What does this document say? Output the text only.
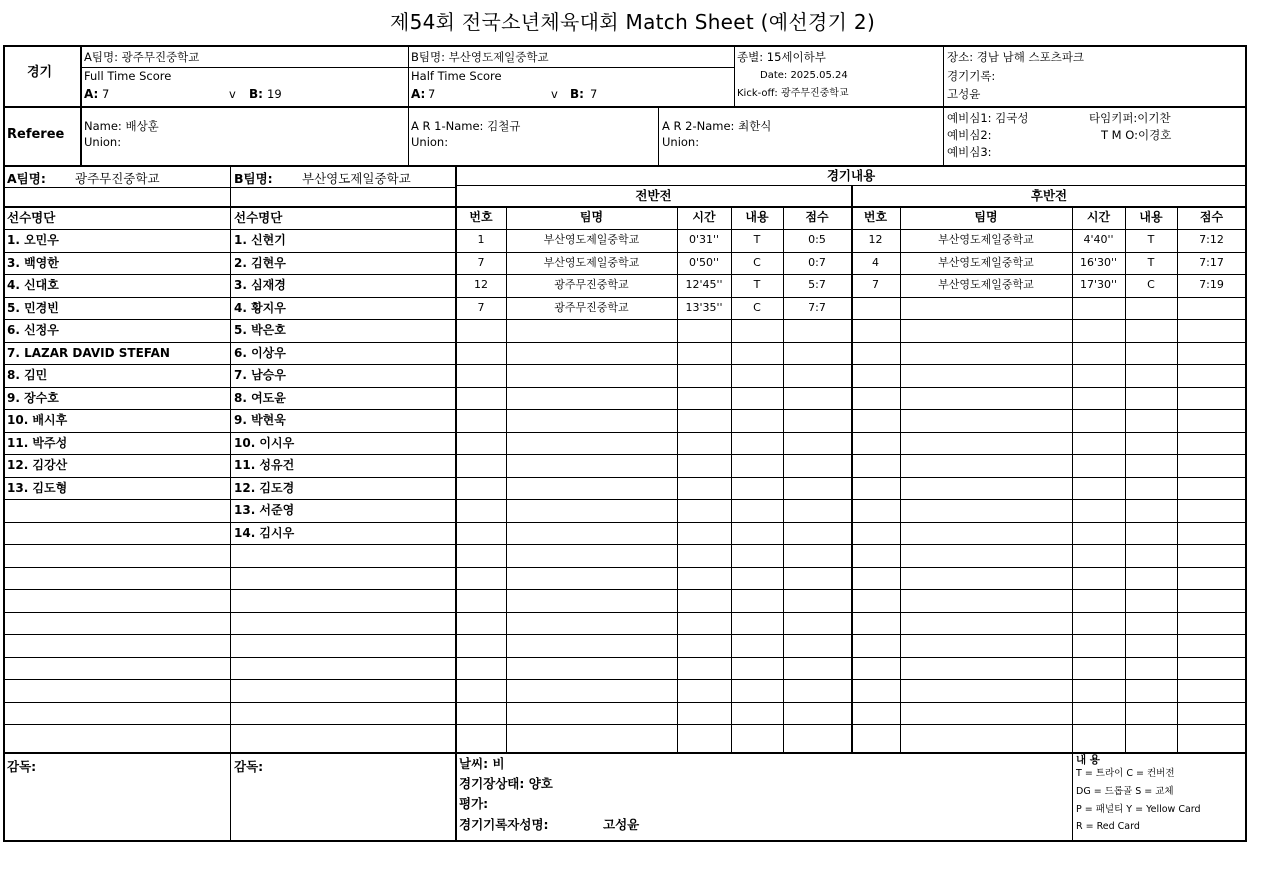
제54회 전국소년체육대회 Match Sheet (예선경기 2)
경기
A팀명: 광주무진중학교	B팀명: 부산영도제일중학교	종별: 15세이하부	장소: 경남 남해 스포츠파크
Full Time Score
A: 7	v B: 19
Half Time Score
A: 7	v B: 7
Date: 2025.05.24
Kick-off: 광주무진중학교
경기기록:
고성윤
Referee
Name: 배상훈
Union:
A R 1-Name: 김철규
Union:
A R 2-Name: 최한식
Union:
예비심1: 김국성
예비심2:
예비심3:
타임키퍼:이기찬
T M O:이경호
A팀명: 광주무진중학교	B팀명: 부산영도제일중학교	경기내용
전반전	후반전
선수명단	선수명단	번호	팀명	시간	내용	점수	번호	팀명	시간	내용	점수
1. 오민우
3. 백영한
4. 신대호
5. 민경빈
6. 신정우
7. LAZAR DAVID STEFAN
8. 김민
9. 장수호
10. 배시후
11. 박주성
12. 김강산
13. 김도형
1. 신현기
2. 김현우
3. 심재경
4. 황지우
5. 박은호
6. 이상우
7. 남승우
8. 여도윤
9. 박현욱
10. 이시우
11. 성유건
12. 김도경
13. 서준영
14. 김시우
1	부산영도제일중학교	0'31''	T	0:5
7	부산영도제일중학교	0'50''	C	0:7
12	광주무진중학교	12'45''	T	5:7
7	광주무진중학교	13'35''	C	7:7
12	부산영도제일중학교	4'40''	T	7:12
4	부산영도제일중학교	16'30''	T	7:17
7	부산영도제일중학교	17'30''	C	7:19
감독:	감독:	날씨: 비
경기장상태: 양호
평가:
경기기록자성명:	고성윤
내 용
T = 트라이 C = 컨버전
DG = 드롭골 S = 교체
P = 패널티 Y = Yellow Card
R = Red Card
